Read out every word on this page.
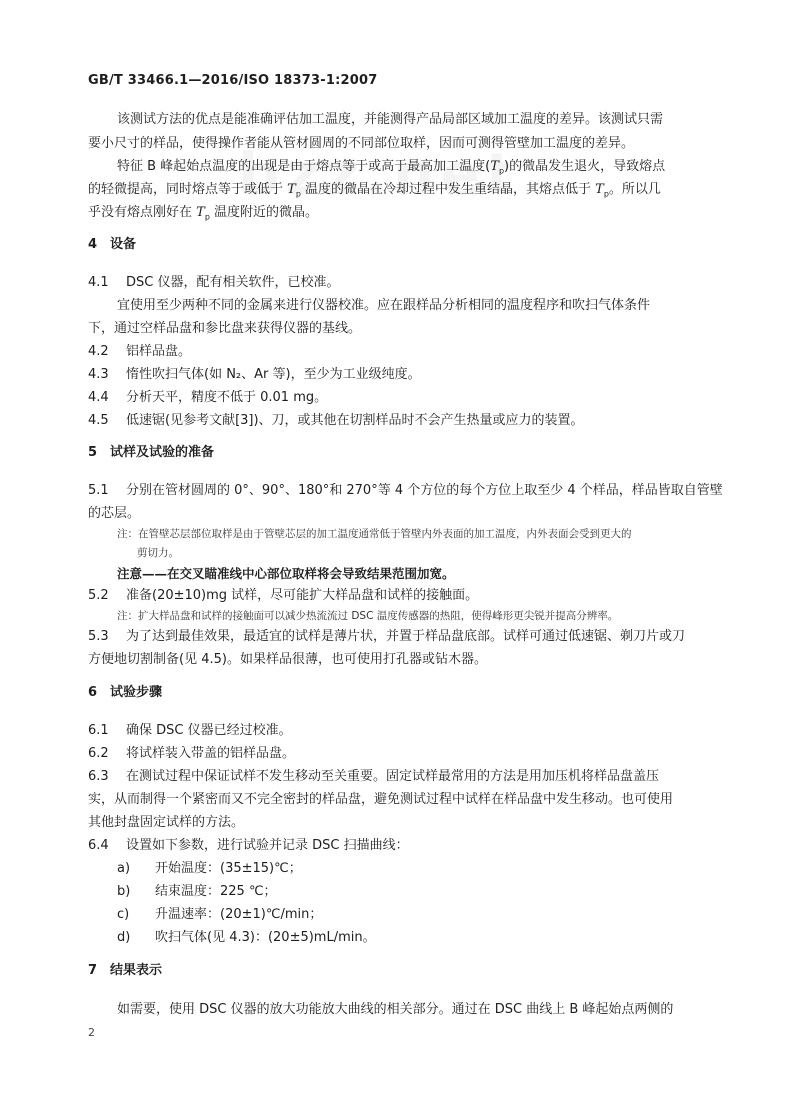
GB/T 33466.1—2016/ISO 18373-1:2007
该测试方法的优点是能准确评估加工温度，并能测得产品局部区域加工温度的差异。该测试只需
要小尺寸的样品，使得操作者能从管材圆周的不同部位取样，因而可测得管壁加工温度的差异。
特征 B 峰起始点温度的出现是由于熔点等于或高于最高加工温度$(T_p)$的微晶发生退火，导致熔点
的轻微提高，同时熔点等于或低于 $T_p$ 温度的微晶在冷却过程中发生重结晶，其熔点低于 $T_p$。所以几
乎没有熔点刚好在 $T_p$ 温度附近的微晶。
4　设备
4.1 DSC 仪器，配有相关软件，已校准。
宜使用至少两种不同的金属来进行仪器校准。应在跟样品分析相同的温度程序和吹扫气体条件
下，通过空样品盘和参比盘来获得仪器的基线。
4.2 铝样品盘。
4.3 惰性吹扫气体(如 N₂、Ar 等)，至少为工业级纯度。
4.4 分析天平，精度不低于 0.01 mg。
4.5 低速锯(见参考文献[3])、刀，或其他在切割样品时不会产生热量或应力的装置。
5　试样及试验的准备
5.1 分别在管材圆周的 0°、90°、180°和 270°等 4 个方位的每个方位上取至少 4 个样品，样品皆取自管壁
的芯层。
注：在管壁芯层部位取样是由于管壁芯层的加工温度通常低于管壁内外表面的加工温度，内外表面会受到更大的
剪切力。
注意——在交叉瞄准线中心部位取样将会导致结果范围加宽。
5.2 准备(20±10)mg 试样，尽可能扩大样品盘和试样的接触面。
注：扩大样品盘和试样的接触面可以减少热流流过 DSC 温度传感器的热阻，使得峰形更尖锐并提高分辨率。
5.3 为了达到最佳效果，最适宜的试样是薄片状，并置于样品盘底部。试样可通过低速锯、剃刀片或刀
方便地切割制备(见 4.5)。如果样品很薄，也可使用打孔器或钻木器。
6　试验步骤
6.1 确保 DSC 仪器已经过校准。
6.2 将试样装入带盖的铝样品盘。
6.3 在测试过程中保证试样不发生移动至关重要。固定试样最常用的方法是用加压机将样品盘盖压
实，从而制得一个紧密而又不完全密封的样品盘，避免测试过程中试样在样品盘中发生移动。也可使用
其他封盘固定试样的方法。
6.4 设置如下参数，进行试验并记录 DSC 扫描曲线：
a) 开始温度：(35±15)℃；
b) 结束温度：225 ℃；
c) 升温速率：(20±1)℃/min；
d) 吹扫气体(见 4.3)：(20±5)mL/min。
7　结果表示
如需要，使用 DSC 仪器的放大功能放大曲线的相关部分。通过在 DSC 曲线上 B 峰起始点两侧的
2
